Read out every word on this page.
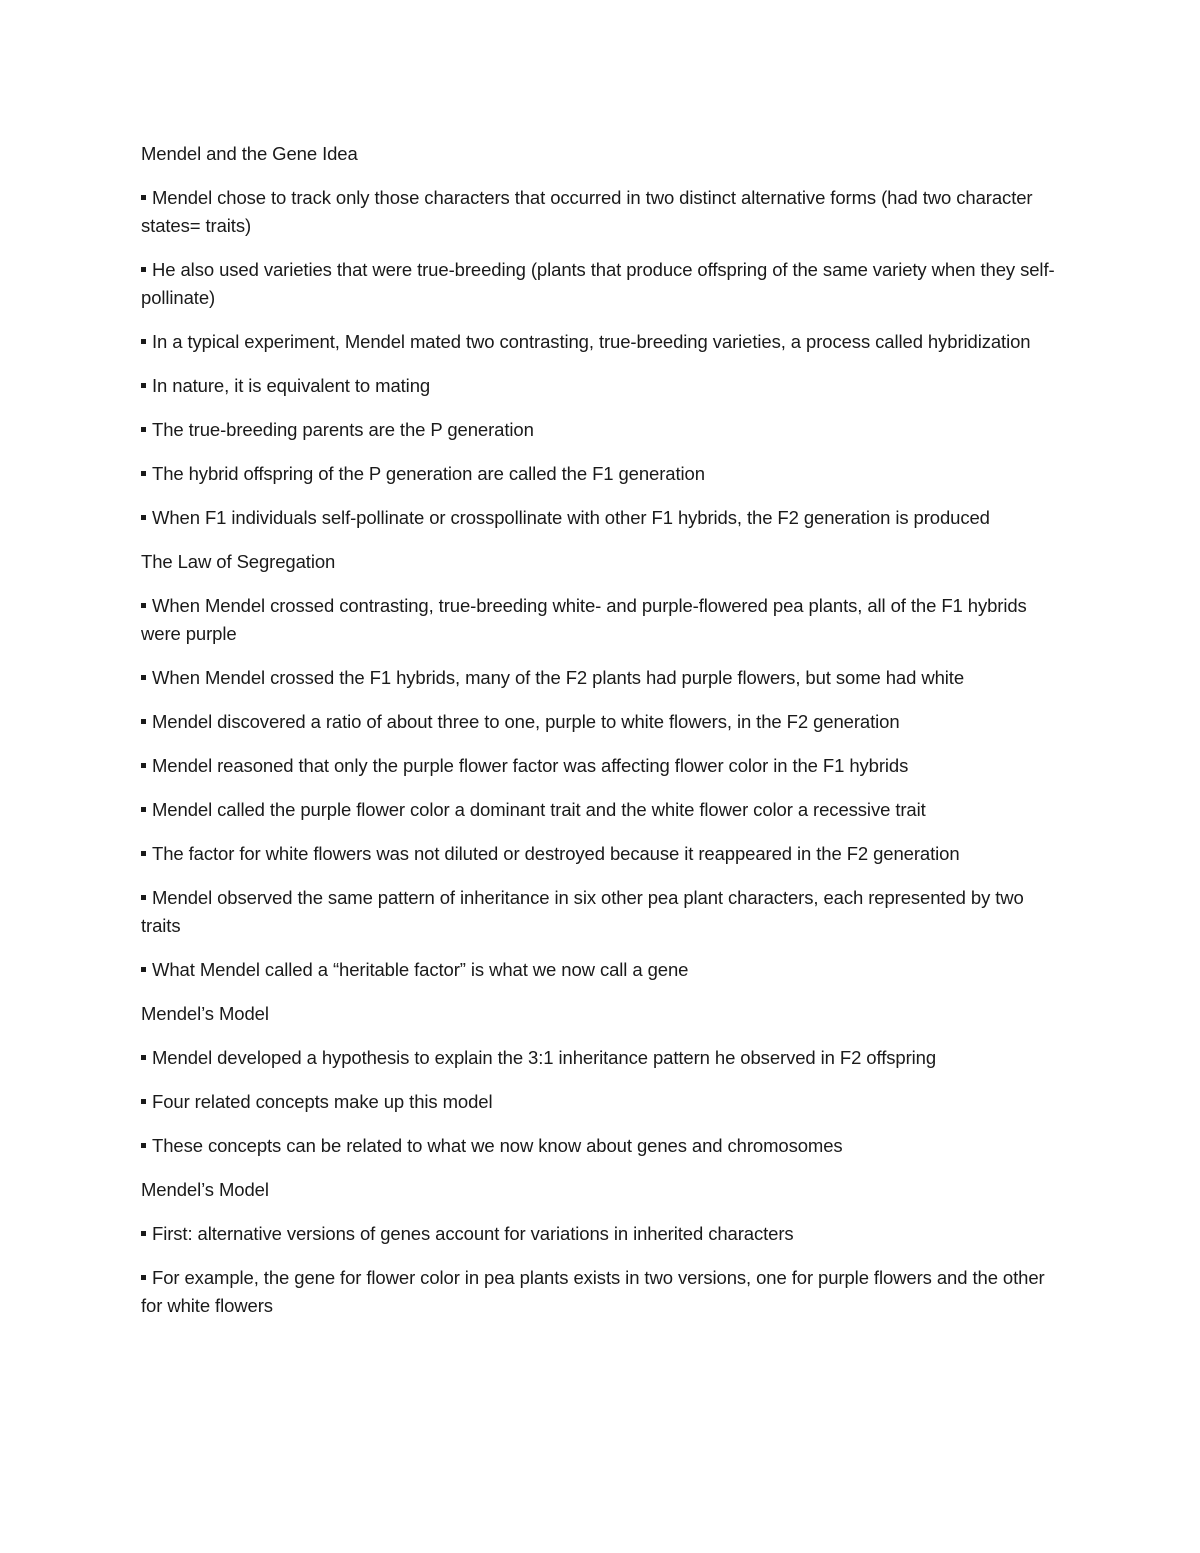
Mendel and the Gene Idea

Mendel chose to track only those characters that occurred in two distinct alternative forms (had two character states= traits)

He also used varieties that were true-breeding (plants that produce offspring of the same variety when they self-pollinate)

In a typical experiment, Mendel mated two contrasting, true-breeding varieties, a process called hybridization

In nature, it is equivalent to mating

The true-breeding parents are the P generation

The hybrid offspring of the P generation are called the F1 generation

When F1 individuals self-pollinate or crosspollinate with other F1 hybrids, the F2 generation is produced

The Law of Segregation

When Mendel crossed contrasting, true-breeding white- and purple-flowered pea plants, all of the F1 hybrids were purple

When Mendel crossed the F1 hybrids, many of the F2 plants had purple flowers, but some had white

Mendel discovered a ratio of about three to one, purple to white flowers, in the F2 generation

Mendel reasoned that only the purple flower factor was affecting flower color in the F1 hybrids

Mendel called the purple flower color a dominant trait and the white flower color a recessive trait

The factor for white flowers was not diluted or destroyed because it reappeared in the F2 generation

Mendel observed the same pattern of inheritance in six other pea plant characters, each represented by two traits

What Mendel called a “heritable factor” is what we now call a gene

Mendel’s Model

Mendel developed a hypothesis to explain the 3:1 inheritance pattern he observed in F2 offspring

Four related concepts make up this model

These concepts can be related to what we now know about genes and chromosomes

Mendel’s Model

First: alternative versions of genes account for variations in inherited characters

For example, the gene for flower color in pea plants exists in two versions, one for purple flowers and the other for white flowers
